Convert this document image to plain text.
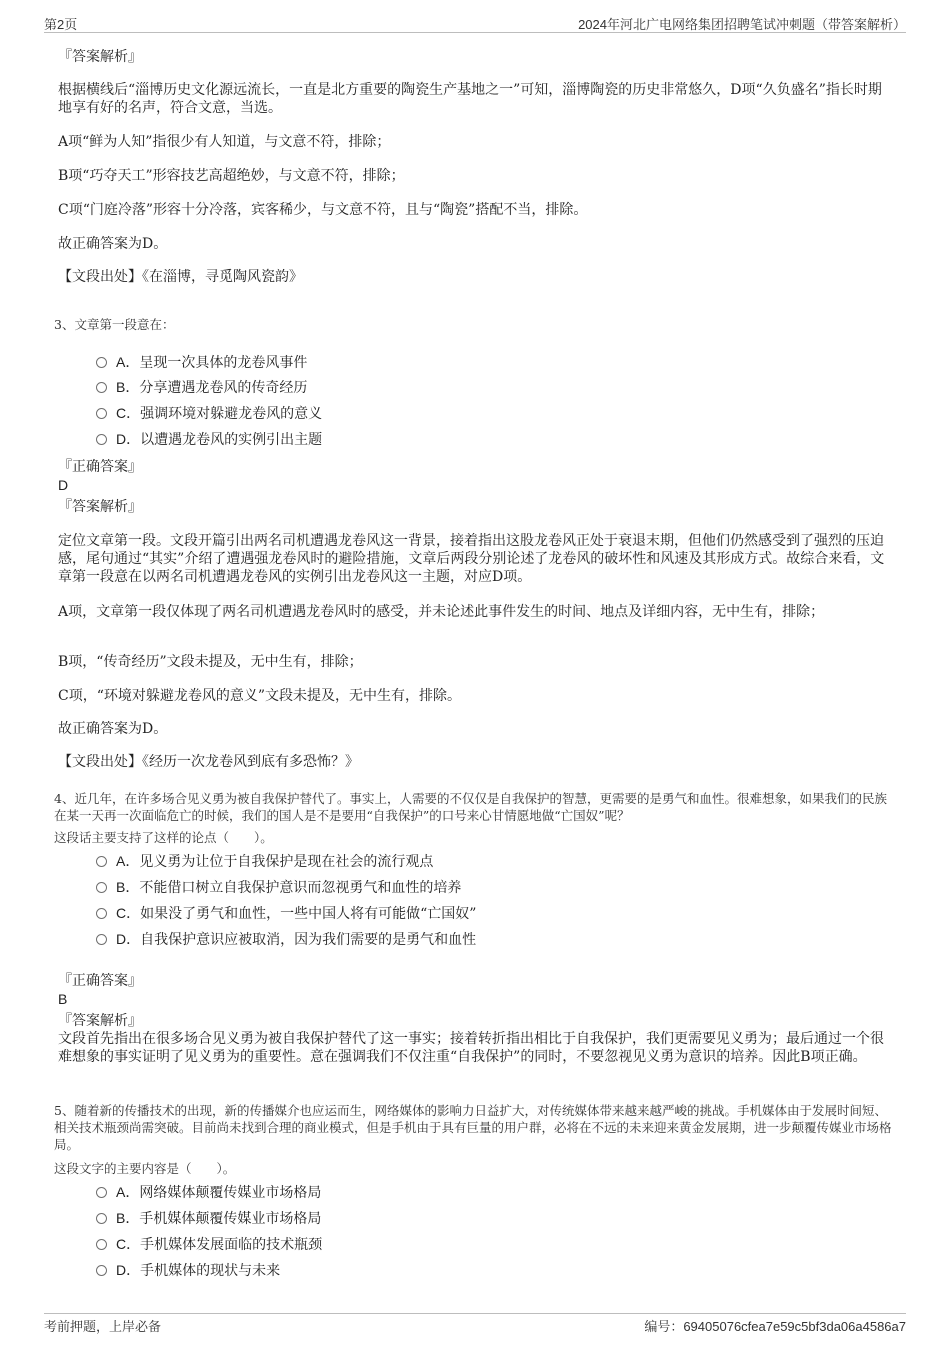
第2页	2024年河北广电网络集团招聘笔试冲刺题（带答案解析）
『答案解析』
根据横线后“淄博历史文化源远流长，一直是北方重要的陶瓷生产基地之一”可知，淄博陶瓷的历史非常悠久，D项“久负盛名”指长时期地享有好的名声，符合文意，当选。
A项“鲜为人知”指很少有人知道，与文意不符，排除；
B项“巧夺天工”形容技艺高超绝妙，与文意不符，排除；
C项“门庭冷落”形容十分冷落，宾客稀少，与文意不符，且与“陶瓷”搭配不当，排除。
故正确答案为D。
【文段出处】《在淄博，寻觅陶风瓷韵》
3、文章第一段意在：
A．呈现一次具体的龙卷风事件
B．分享遭遇龙卷风的传奇经历
C．强调环境对躲避龙卷风的意义
D．以遭遇龙卷风的实例引出主题
『正确答案』
D
『答案解析』
定位文章第一段。文段开篇引出两名司机遭遇龙卷风这一背景，接着指出这股龙卷风正处于衰退末期，但他们仍然感受到了强烈的压迫感，尾句通过“其实”介绍了遭遇强龙卷风时的避险措施，文章后两段分别论述了龙卷风的破坏性和风速及其形成方式。故综合来看，文章第一段意在以两名司机遭遇龙卷风的实例引出龙卷风这一主题，对应D项。
A项，文章第一段仅体现了两名司机遭遇龙卷风时的感受，并未论述此事件发生的时间、地点及详细内容，无中生有，排除；
B项，“传奇经历”文段未提及，无中生有，排除；
C项，“环境对躲避龙卷风的意义”文段未提及，无中生有，排除。
故正确答案为D。
【文段出处】《经历一次龙卷风到底有多恐怖？》
4、近几年，在许多场合见义勇为被自我保护替代了。事实上，人需要的不仅仅是自我保护的智慧，更需要的是勇气和血性。很难想象，如果我们的民族在某一天再一次面临危亡的时候，我们的国人是不是要用“自我保护”的口号来心甘情愿地做“亡国奴”呢？
这段话主要支持了这样的论点（　　）。
A．见义勇为让位于自我保护是现在社会的流行观点
B．不能借口树立自我保护意识而忽视勇气和血性的培养
C．如果没了勇气和血性，一些中国人将有可能做“亡国奴”
D．自我保护意识应被取消，因为我们需要的是勇气和血性
『正确答案』
B
『答案解析』
文段首先指出在很多场合见义勇为被自我保护替代了这一事实；接着转折指出相比于自我保护，我们更需要见义勇为；最后通过一个很难想象的事实证明了见义勇为的重要性。意在强调我们不仅注重“自我保护”的同时，不要忽视见义勇为意识的培养。因此B项正确。
5、随着新的传播技术的出现，新的传播媒介也应运而生，网络媒体的影响力日益扩大，对传统媒体带来越来越严峻的挑战。手机媒体由于发展时间短、相关技术瓶颈尚需突破。目前尚未找到合理的商业模式，但是手机由于具有巨量的用户群，必将在不远的未来迎来黄金发展期，进一步颠覆传媒业市场格局。
这段文字的主要内容是（　　）。
A．网络媒体颠覆传媒业市场格局
B．手机媒体颠覆传媒业市场格局
C．手机媒体发展面临的技术瓶颈
D．手机媒体的现状与未来
考前押题，上岸必备	编号：69405076cfea7e59c5bf3da06a4586a7
